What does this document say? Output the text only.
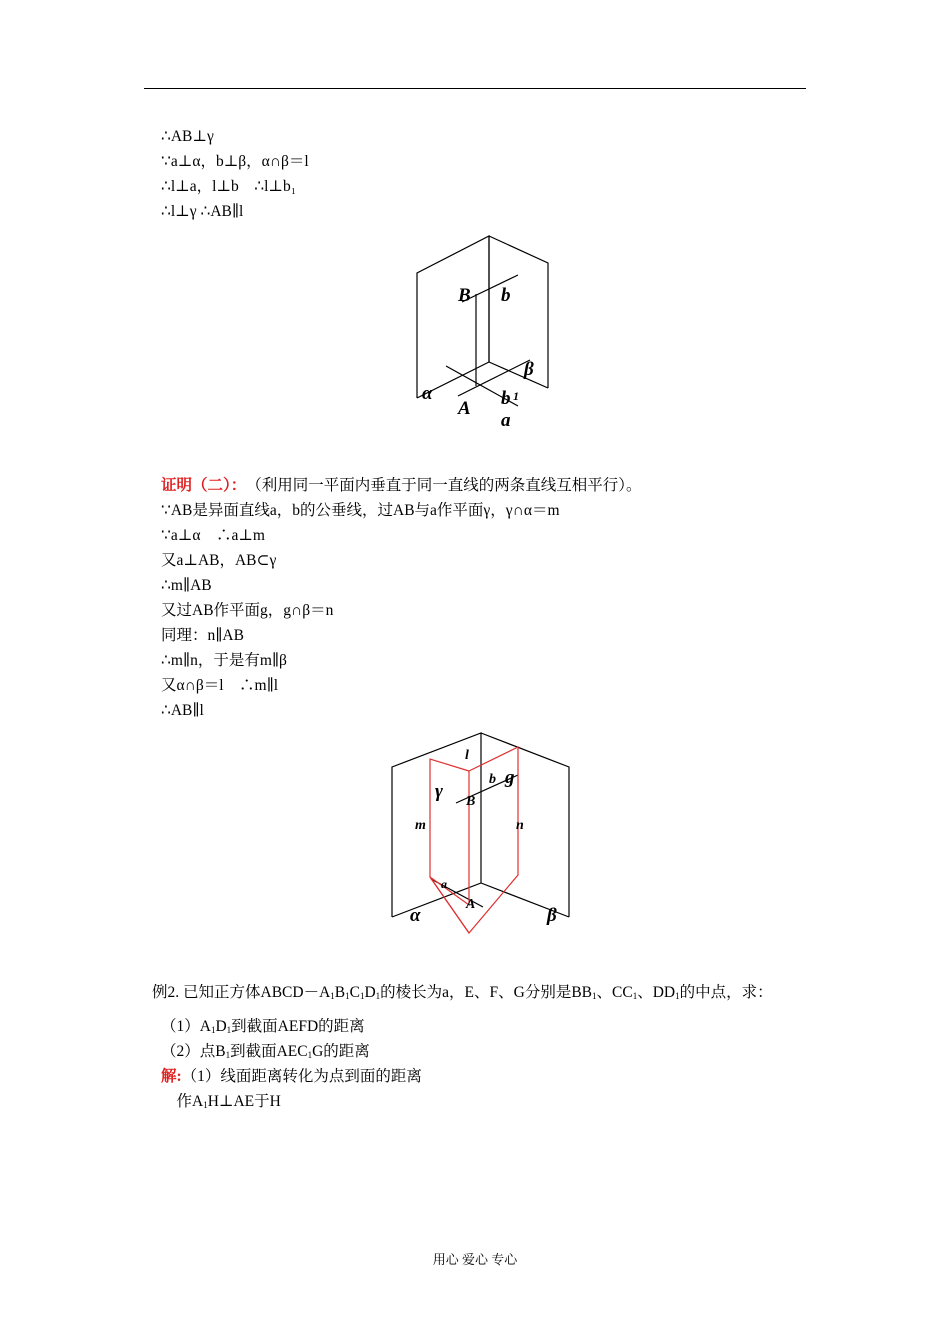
∴AB⊥γ
∵a⊥α，b⊥β，α∩β＝l
∴l⊥a，l⊥b　∴l⊥b₁
∴l⊥γ ∴AB∥l
B b
β
α
A b 1
a
证明（二）：　（利用同一平面内垂直于同一直线的两条直线互相平行）。
∵AB是异面直线a，b的公垂线，过AB与a作平面γ，γ∩α＝m
∵a⊥α　∴a⊥m
又a⊥AB，AB⊂γ
∴m∥AB
又过AB作平面g，g∩β＝n
同理：n∥AB
∴m∥n，于是有m∥β
又α∩β＝l　∴m∥l
∴AB∥l
l
b g
γ B
m	n
a
A
α	β
例2. 已知正方体$ABCD-A_1B_1C_1D_1$的棱长为a，E、F、G分别是$BB_1$、$CC_1$、$DD_1$的中点，求：
$(1)A_1D_1$到截面AEFD的距离
（2）点$B_1$到截面$AEC_1G$的距离
解:（1）线面距离转化为点到面的距离
　作$A_1H\perp AE$于H
用心 爱心 专心
